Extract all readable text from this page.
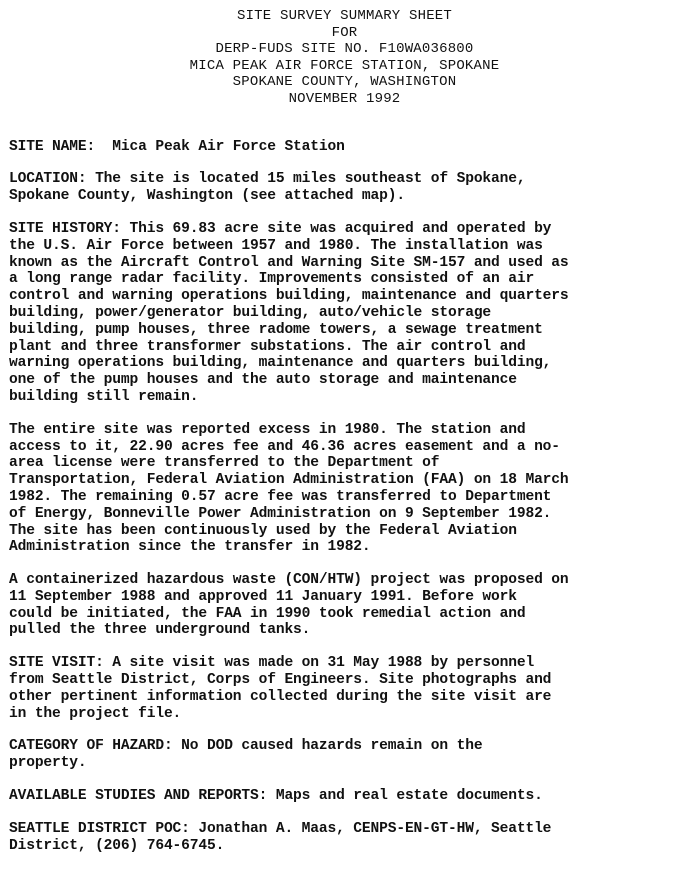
SITE SURVEY SUMMARY SHEET
FOR
DERP-FUDS SITE NO. F10WA036800
MICA PEAK AIR FORCE STATION, SPOKANE
SPOKANE COUNTY, WASHINGTON
NOVEMBER 1992
SITE NAME: Mica Peak Air Force Station
LOCATION: The site is located 15 miles southeast of Spokane,
Spokane County, Washington (see attached map).
SITE HISTORY: This 69.83 acre site was acquired and operated by
the U.S. Air Force between 1957 and 1980. The installation was
known as the Aircraft Control and Warning Site SM-157 and used as
a long range radar facility. Improvements consisted of an air
control and warning operations building, maintenance and quarters
building, power/generator building, auto/vehicle storage
building, pump houses, three radome towers, a sewage treatment
plant and three transformer substations. The air control and
warning operations building, maintenance and quarters building,
one of the pump houses and the auto storage and maintenance
building still remain.
The entire site was reported excess in 1980. The station and
access to it, 22.90 acres fee and 46.36 acres easement and a no-
area license were transferred to the Department of
Transportation, Federal Aviation Administration (FAA) on 18 March
1982. The remaining 0.57 acre fee was transferred to Department
of Energy, Bonneville Power Administration on 9 September 1982.
The site has been continuously used by the Federal Aviation
Administration since the transfer in 1982.
A containerized hazardous waste (CON/HTW) project was proposed on
11 September 1988 and approved 11 January 1991. Before work
could be initiated, the FAA in 1990 took remedial action and
pulled the three underground tanks.
SITE VISIT: A site visit was made on 31 May 1988 by personnel
from Seattle District, Corps of Engineers. Site photographs and
other pertinent information collected during the site visit are
in the project file.
CATEGORY OF HAZARD: No DOD caused hazards remain on the
property.
AVAILABLE STUDIES AND REPORTS: Maps and real estate documents.
SEATTLE DISTRICT POC: Jonathan A. Maas, CENPS-EN-GT-HW, Seattle
District, (206) 764-6745.
